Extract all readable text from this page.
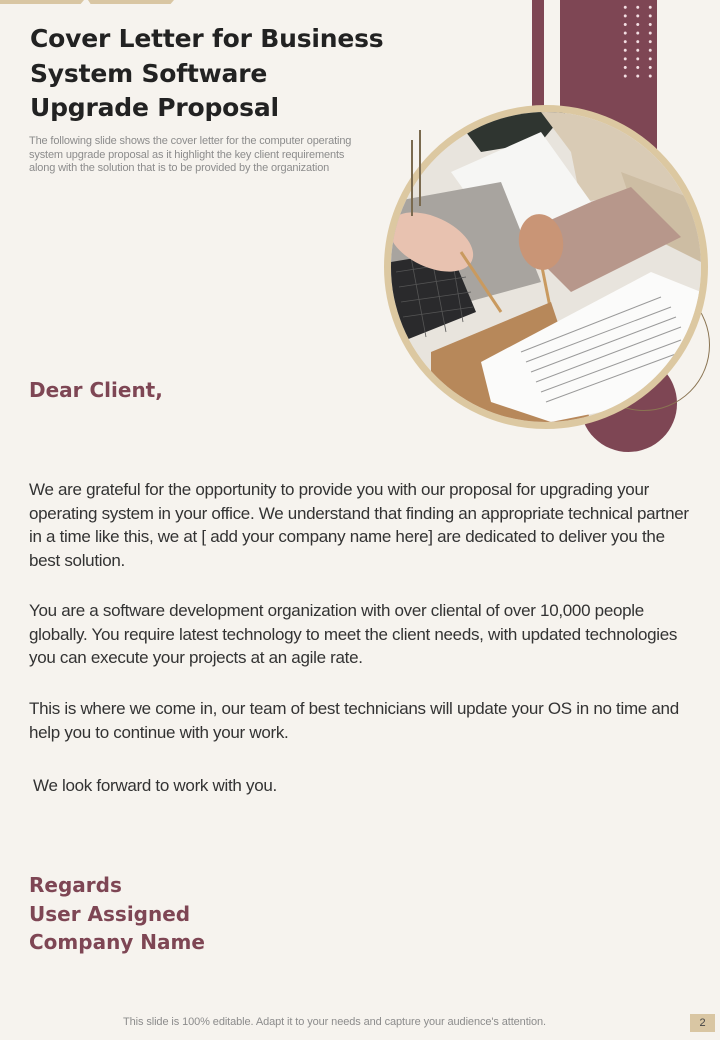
Cover Letter for Business
System Software
Upgrade Proposal
The following slide shows the cover letter for the computer operating
system upgrade proposal as it highlight the key client requirements
along with the solution that is to be provided by the organization

Dear Client,

We are grateful for the opportunity to provide you with our proposal for upgrading your operating system in your office. We understand that finding an appropriate technical partner in a time like this, we at [ add your company name here] are dedicated to deliver you the best solution.

You are a software development organization with over cliental of over 10,000 people globally. You require latest technology to meet the client needs, with updated technologies you can execute your projects at an agile rate.

This is where we come in, our team of best technicians will update your OS in no time and help you to continue with your work.

We look forward to work with you.

Regards
User Assigned
Company Name
This slide is 100% editable. Adapt it to your needs and capture your audience's attention.	2
